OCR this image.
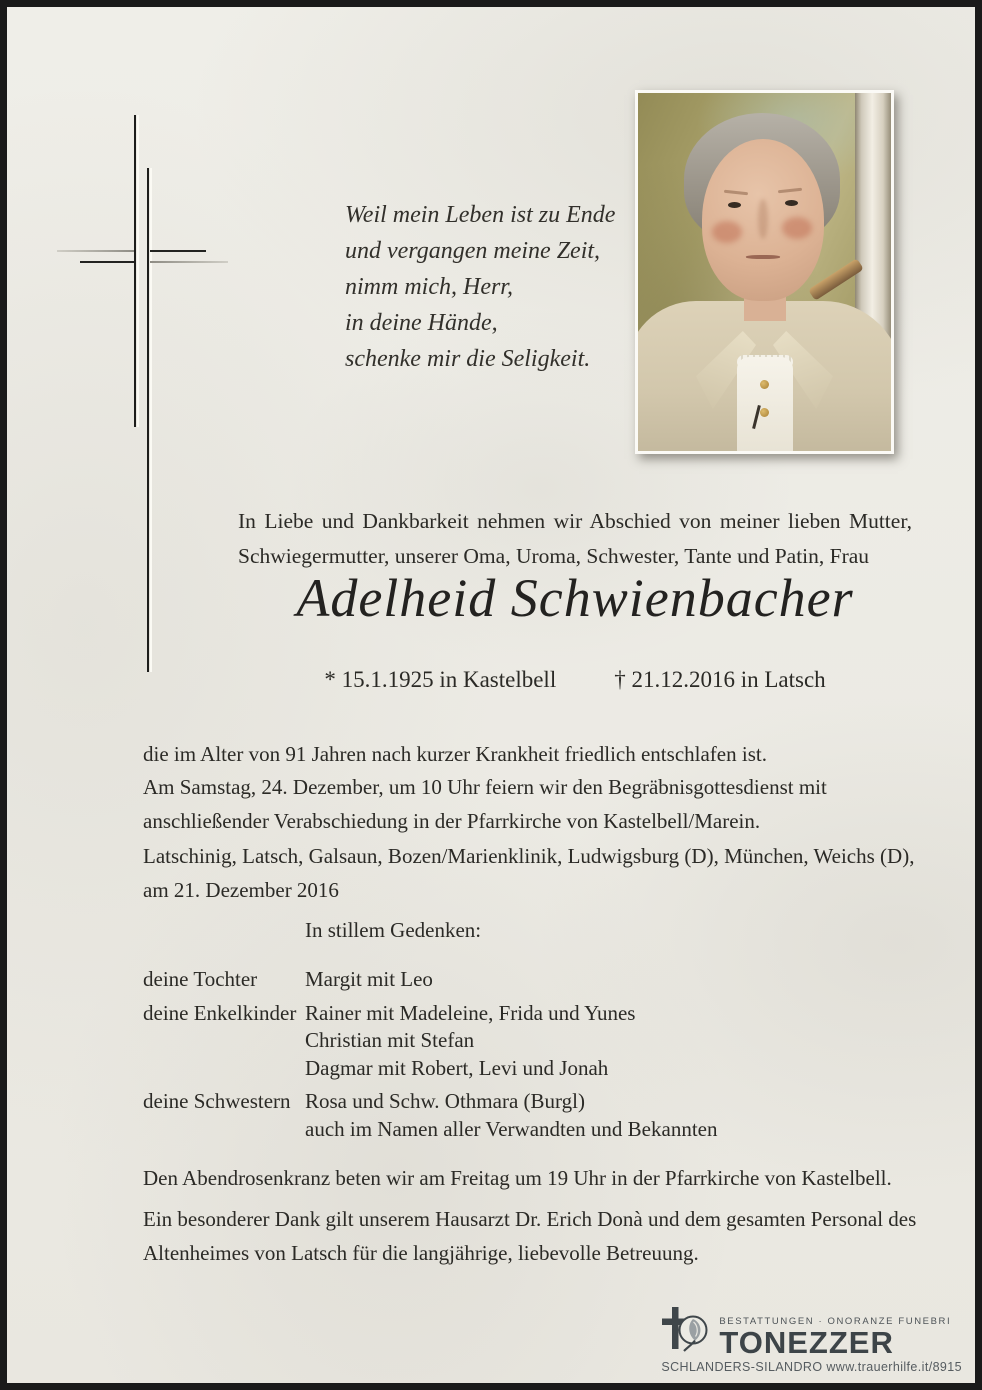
Weil mein Leben ist zu Ende
und vergangen meine Zeit,
nimm mich, Herr,
in deine Hände,
schenke mir die Seligkeit.
In Liebe und Dankbarkeit nehmen wir Abschied von meiner lieben Mutter, Schwiegermutter, unserer Oma, Uroma, Schwester, Tante und Patin, Frau
Adelheid Schwienbacher
* 15.1.1925 in Kastelbell	† 21.12.2016 in Latsch
die im Alter von 91 Jahren nach kurzer Krankheit friedlich entschlafen ist.
Am Samstag, 24. Dezember, um 10 Uhr feiern wir den Begräbnisgottesdienst mit anschließender Verabschiedung in der Pfarrkirche von Kastelbell/Marein.
Latschinig, Latsch, Galsaun, Bozen/Marienklinik, Ludwigsburg (D), München, Weichs (D), am 21. Dezember 2016
In stillem Gedenken:
deine Tochter	Margit mit Leo
deine Enkelkinder Rainer mit Madeleine, Frida und Yunes
Christian mit Stefan
Dagmar mit Robert, Levi und Jonah
deine Schwestern Rosa und Schw. Othmara (Burgl)
auch im Namen aller Verwandten und Bekannten
Den Abendrosenkranz beten wir am Freitag um 19 Uhr in der Pfarrkirche von Kastelbell.
Ein besonderer Dank gilt unserem Hausarzt Dr. Erich Donà und dem gesamten Personal des Altenheimes von Latsch für die langjährige, liebevolle Betreuung.
BESTATTUNGEN · ONORANZE FUNEBRI
TONEZZER
SCHLANDERS-SILANDRO www.trauerhilfe.it/8915
